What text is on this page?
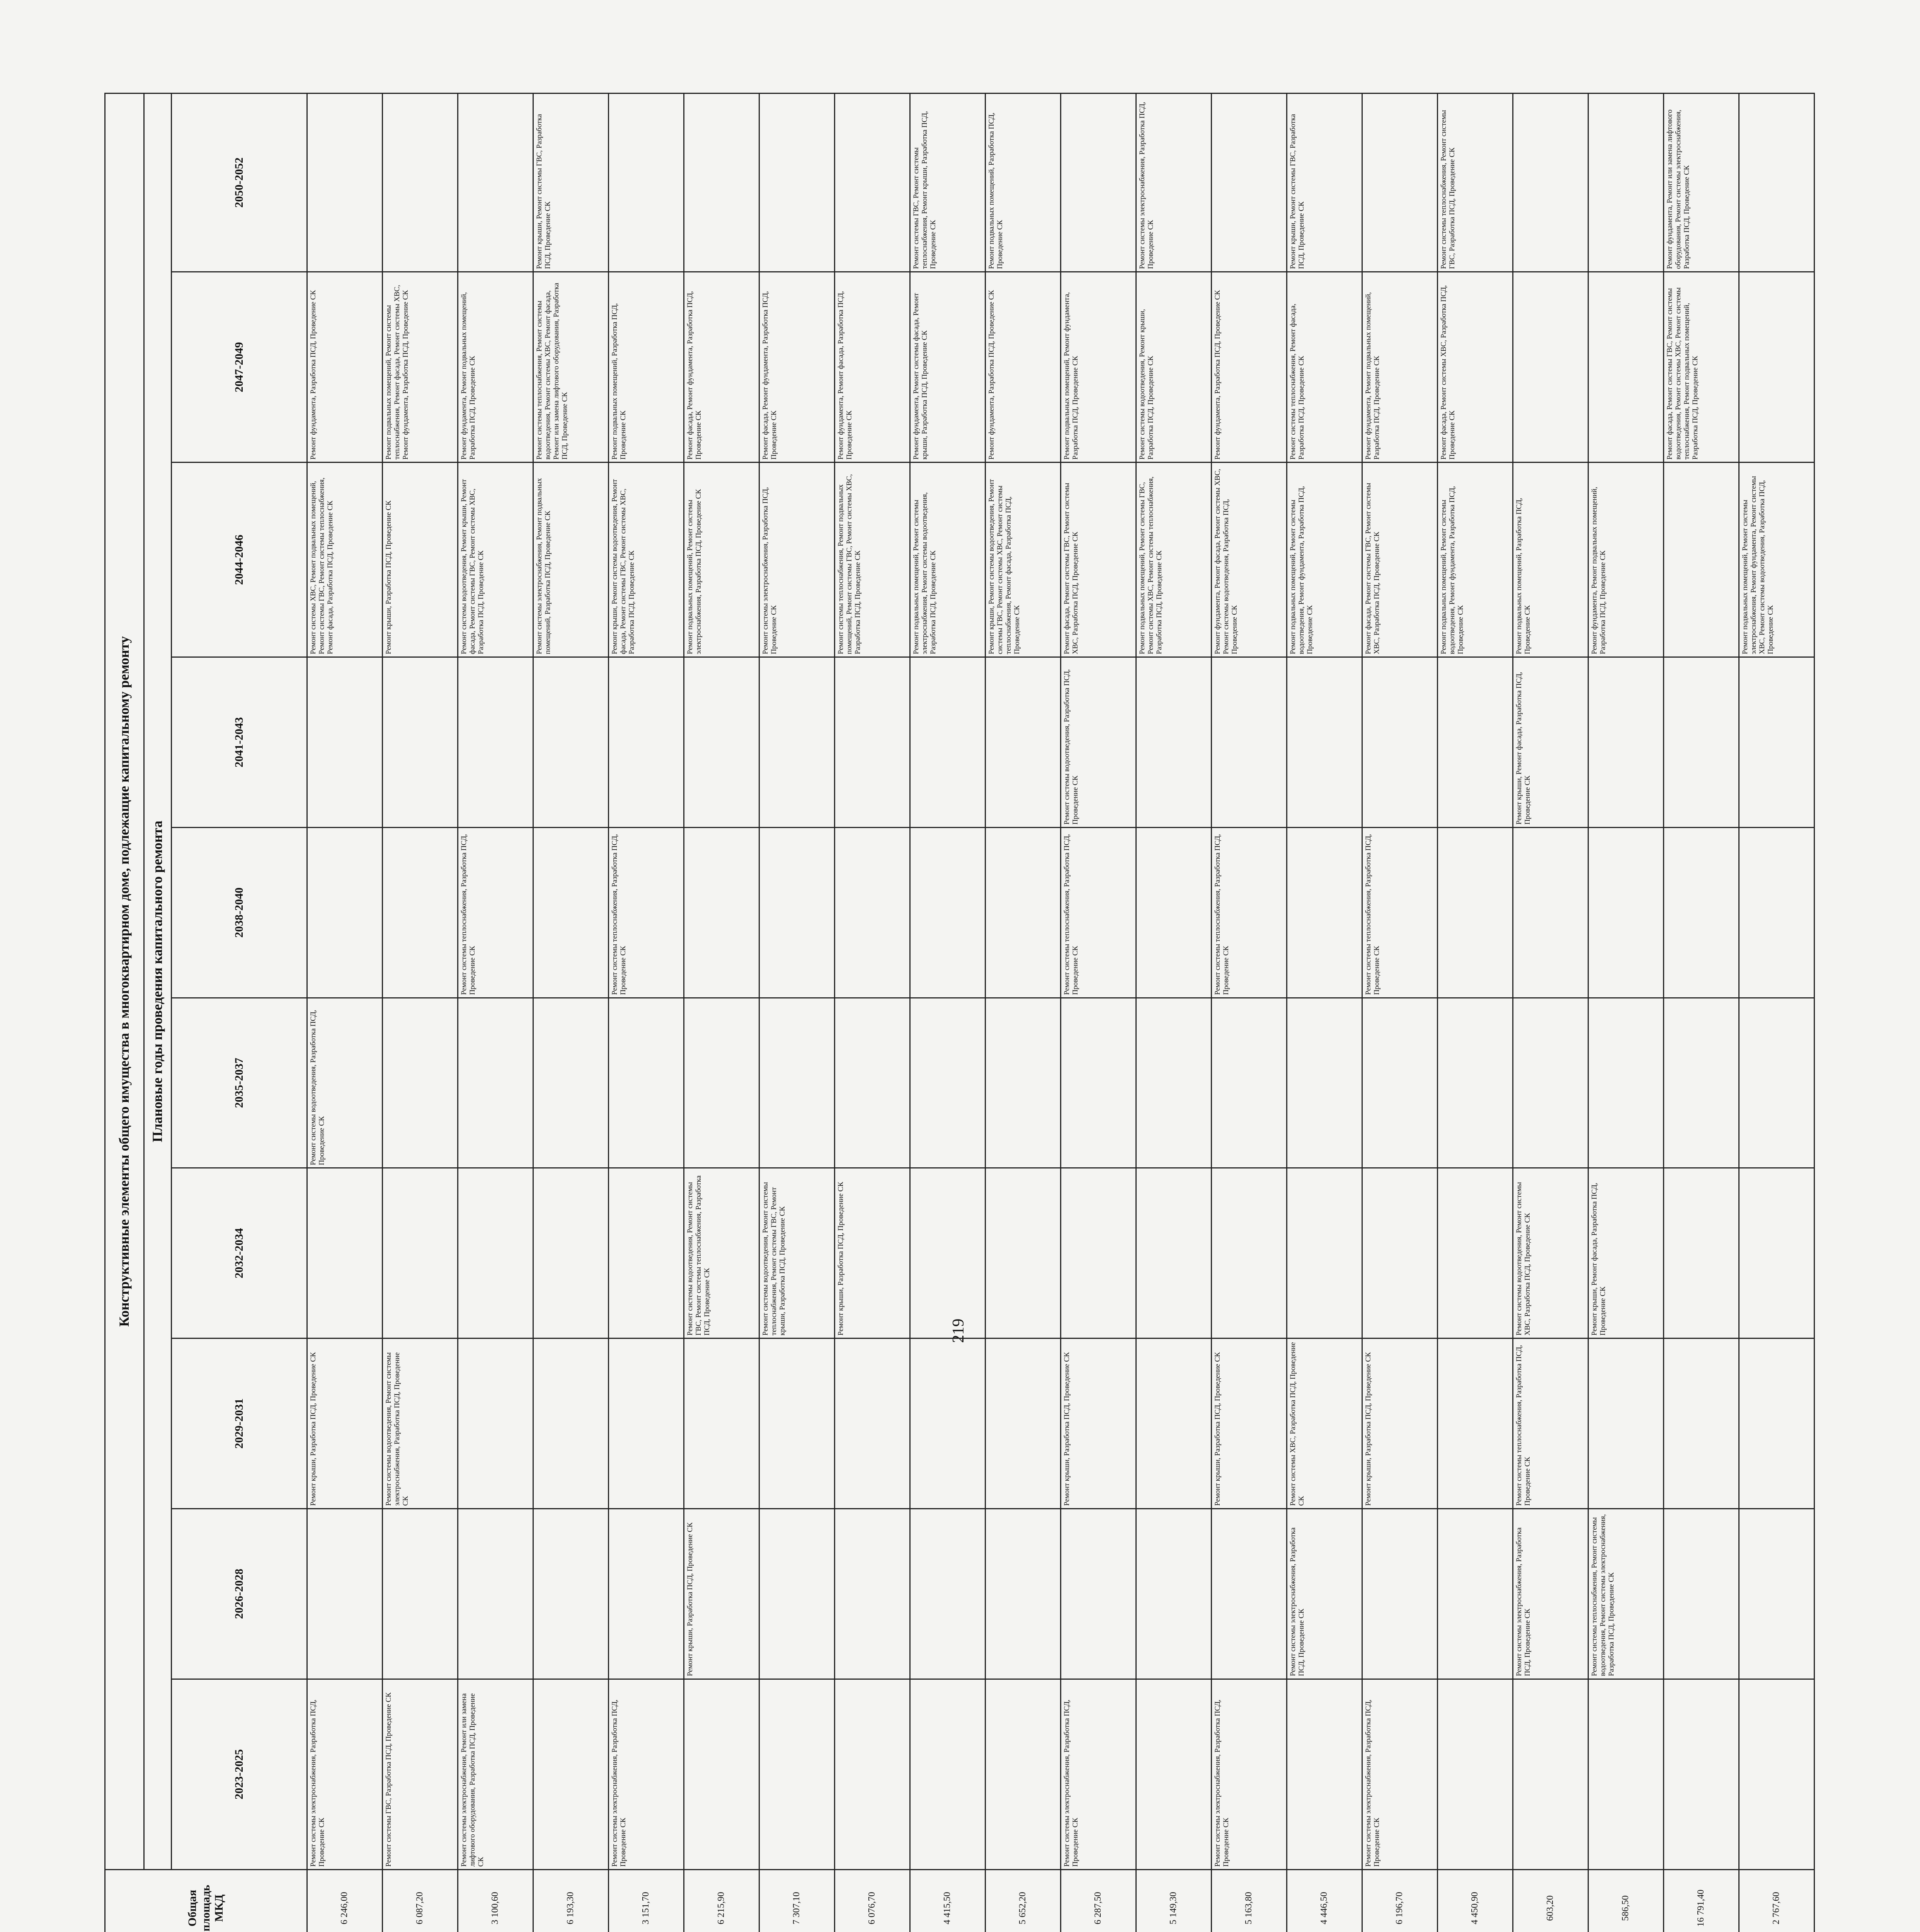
219
								Общая площадь МКД	Конструктивные элементы общего имущества в многоквартирном доме, подлежащие капитальному ремонту									
									Плановые годы проведения капитального ремонта									
									2023-2025	2026-2028	2029-2031	2032-2034	2035-2037	2038-2040	2041-2043	2044-2046	2047-2049	2050-2052
								6 246,00	Ремонт системы электроснабжения, Разработка ПСД, Проведение СК		Ремонт крыши, Разработка ПСД, Проведение СК		Ремонт системы водоотведения, Разработка ПСД, Проведение СК			Ремонт системы ХВС, Ремонт подвальных помещений, Ремонт системы ГВС, Ремонт системы теплоснабжения, Ремонт фасада, Разработка ПСД, Проведение СК	Ремонт фундамента, Разработка ПСД, Проведение СК	
								6 087,20	Ремонт системы ГВС, Разработка ПСД, Проведение СК		Ремонт системы водоотведения, Ремонт системы электроснабжения, Разработка ПСД, Проведение СК					Ремонт крыши, Разработка ПСД, Проведение СК	Ремонт подвальных помещений, Ремонт системы теплоснабжения, Ремонт фасада, Ремонт системы ХВС, Ремонт фундамента, Разработка ПСД, Проведение СК	
								3 100,60	Ремонт системы электроснабжения, Ремонт или замена лифтового оборудования, Разработка ПСД, Проведение СК					Ремонт системы теплоснабжения, Разработка ПСД, Проведение СК		Ремонт системы водоотведения, Ремонт крыши, Ремонт фасада, Ремонт системы ГВС, Ремонт системы ХВС, Разработка ПСД, Проведение СК	Ремонт фундамента, Ремонт подвальных помещений, Разработка ПСД, Проведение СК	
								6 193,30								Ремонт системы электроснабжения, Ремонт подвальных помещений, Разработка ПСД, Проведение СК	Ремонт системы теплоснабжения, Ремонт системы водоотведения, Ремонт системы ХВС, Ремонт фасада, Ремонт или замена лифтового оборудования, Разработка ПСД, Проведение СК	Ремонт крыши, Ремонт системы ГВС, Разработка ПСД, Проведение СК
								3 151,70	Ремонт системы электроснабжения, Разработка ПСД, Проведение СК					Ремонт системы теплоснабжения, Разработка ПСД, Проведение СК		Ремонт крыши, Ремонт системы водоотведения, Ремонт фасада, Ремонт системы ГВС, Ремонт системы ХВС, Разработка ПСД, Проведение СК	Ремонт подвальных помещений, Разработка ПСД, Проведение СК	
								6 215,90		Ремонт крыши, Разработка ПСД, Проведение СК		Ремонт системы водоотведения, Ремонт системы ГВС, Ремонт системы теплоснабжения, Разработка ПСД, Проведение СК				Ремонт подвальных помещений, Ремонт системы электроснабжения, Разработка ПСД, Проведение СК	Ремонт фасада, Ремонт фундамента, Разработка ПСД, Проведение СК	
								7 307,10				Ремонт системы водоотведения, Ремонт системы теплоснабжения, Ремонт системы ГВС, Ремонт крыши, Разработка ПСД, Проведение СК				Ремонт системы электроснабжения, Разработка ПСД, Проведение СК	Ремонт фасада, Ремонт фундамента, Разработка ПСД, Проведение СК	
								6 076,70				Ремонт крыши, Разработка ПСД, Проведение СК				Ремонт системы теплоснабжения, Ремонт подвальных помещений, Ремонт системы ГВС, Ремонт системы ХВС, Разработка ПСД, Проведение СК	Ремонт фундамента, Ремонт фасада, Разработка ПСД, Проведение СК	
								4 415,50								Ремонт подвальных помещений, Ремонт системы электроснабжения, Ремонт системы водоотведения, Разработка ПСД, Проведение СК	Ремонт фундамента, Ремонт системы фасада, Ремонт крыши, Разработка ПСД, Проведение СК	Ремонт системы ГВС, Ремонт системы теплоснабжения, Ремонт крыши, Разработка ПСД, Проведение СК
								5 652,20								Ремонт крыши, Ремонт системы водоотведения, Ремонт системы ГВС, Ремонт системы ХВС, Ремонт системы теплоснабжения, Ремонт фасада, Разработка ПСД, Проведение СК	Ремонт фундамента, Разработка ПСД, Проведение СК	Ремонт подвальных помещений, Разработка ПСД, Проведение СК
								6 287,50	Ремонт системы электроснабжения, Разработка ПСД, Проведение СК		Ремонт крыши, Разработка ПСД, Проведение СК			Ремонт системы теплоснабжения, Разработка ПСД, Проведение СК	Ремонт системы водоотведения, Разработка ПСД, Проведение СК	Ремонт фасада, Ремонт системы ГВС, Ремонт системы ХВС, Разработка ПСД, Проведение СК	Ремонт подвальных помещений, Ремонт фундамента, Разработка ПСД, Проведение СК	
								5 149,30								Ремонт подвальных помещений, Ремонт системы ГВС, Ремонт системы ХВС, Ремонт системы теплоснабжения, Разработка ПСД, Проведение СК	Ремонт системы водоотведения, Ремонт крыши, Разработка ПСД, Проведение СК	Ремонт системы электроснабжения, Разработка ПСД, Проведение СК
								5 163,80	Ремонт системы электроснабжения, Разработка ПСД, Проведение СК		Ремонт крыши, Разработка ПСД, Проведение СК			Ремонт системы теплоснабжения, Разработка ПСД, Проведение СК		Ремонт фундамента, Ремонт фасада, Ремонт системы ХВС, Ремонт системы водоотведения, Разработка ПСД, Проведение СК	Ремонт фундамента, Разработка ПСД, Проведение СК	
								4 446,50		Ремонт системы электроснабжения, Разработка ПСД, Проведение СК	Ремонт системы ХВС, Разработка ПСД, Проведение СК					Ремонт подвальных помещений, Ремонт системы водоотведения, Ремонт фундамента, Разработка ПСД, Проведение СК	Ремонт системы теплоснабжения, Ремонт фасада, Разработка ПСД, Проведение СК	Ремонт крыши, Ремонт системы ГВС, Разработка ПСД, Проведение СК
								6 196,70	Ремонт системы электроснабжения, Разработка ПСД, Проведение СК		Ремонт крыши, Разработка ПСД, Проведение СК			Ремонт системы теплоснабжения, Разработка ПСД, Проведение СК		Ремонт фасада, Ремонт системы ГВС, Ремонт системы ХВС, Разработка ПСД, Проведение СК	Ремонт фундамента, Ремонт подвальных помещений, Разработка ПСД, Проведение СК	
								4 450,90								Ремонт подвальных помещений, Ремонт системы водоотведения, Ремонт фундамента, Разработка ПСД, Проведение СК	Ремонт фасада, Ремонт системы ХВС, Разработка ПСД, Проведение СК	Ремонт системы теплоснабжения, Ремонт системы ГВС, Разработка ПСД, Проведение СК
								603,20		Ремонт системы электроснабжения, Разработка ПСД, Проведение СК	Ремонт системы теплоснабжения, Разработка ПСД, Проведение СК	Ремонт системы водоотведения, Ремонт системы ХВС, Разработка ПСД, Проведение СК			Ремонт крыши, Ремонт фасада, Разработка ПСД, Проведение СК	Ремонт подвальных помещений, Разработка ПСД, Проведение СК		
								586,50		Ремонт системы теплоснабжения, Ремонт системы водоотведения, Ремонт системы электроснабжения, Разработка ПСД, Проведение СК		Ремонт крыши, Ремонт фасада, Разработка ПСД, Проведение СК				Ремонт фундамента, Ремонт подвальных помещений, Разработка ПСД, Проведение СК		
								16 791,40									Ремонт фасада, Ремонт системы ГВС, Ремонт системы водоотведения, Ремонт системы ХВС, Ремонт системы теплоснабжения, Ремонт подвальных помещений, Разработка ПСД, Проведение СК	Ремонт фундамента, Ремонт или замена лифтового оборудования, Ремонт системы электроснабжения, Разработка ПСД, Проведение СК
								2 767,60								Ремонт подвальных помещений, Ремонт системы электроснабжения, Ремонт фундамента, Ремонт системы ХВС, Ремонт системы водоотведения, Разработка ПСД, Проведение СК		
